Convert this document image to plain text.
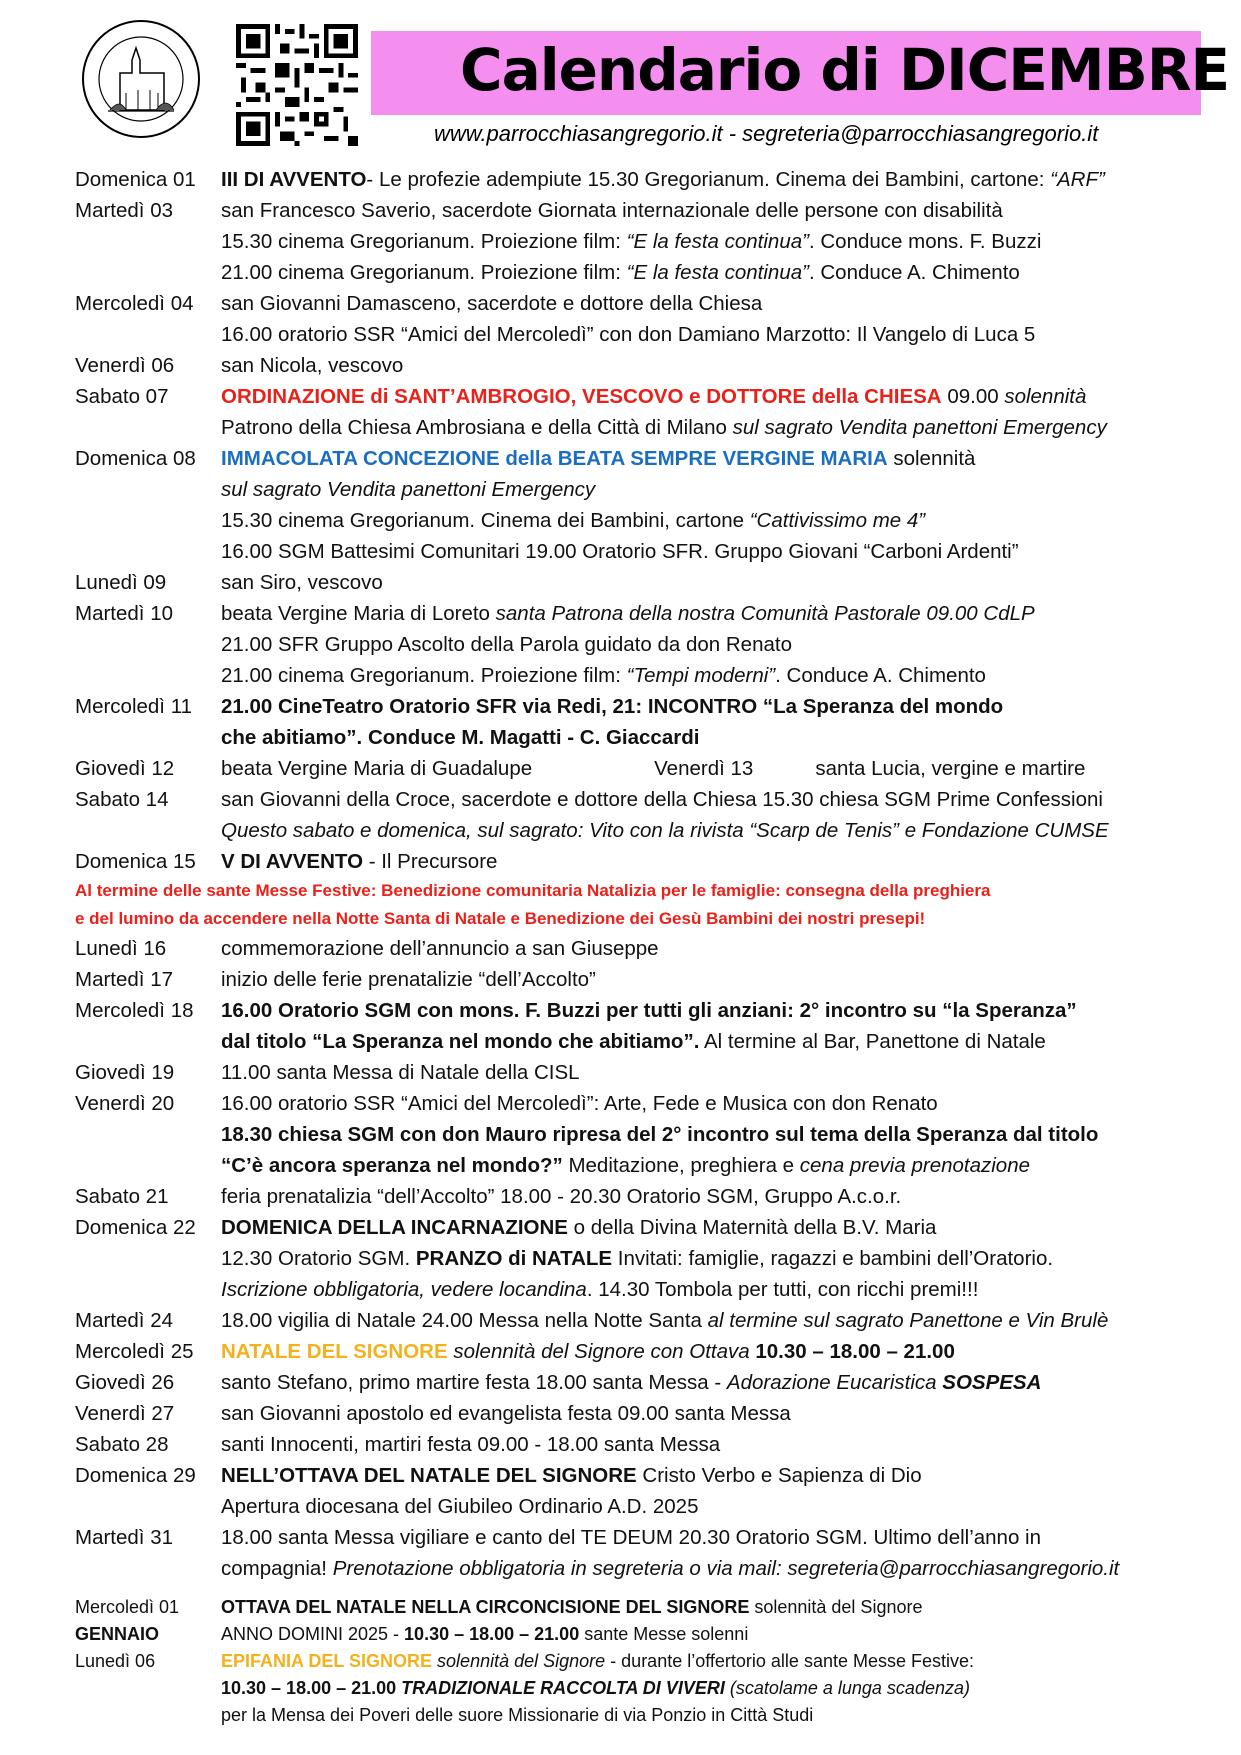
Calendario di DICEMBRE
www.parrocchiasangregorio.it - segreteria@parrocchiasangregorio.it
Domenica 01	III DI AVVENTO- Le profezie adempiute 15.30 Gregorianum. Cinema dei Bambini, cartone: “ARF”
Martedì 03	san Francesco Saverio, sacerdote Giornata internazionale delle persone con disabilità
15.30 cinema Gregorianum. Proiezione film: “E la festa continua”. Conduce mons. F. Buzzi
21.00 cinema Gregorianum. Proiezione film: “E la festa continua”. Conduce A. Chimento
Mercoledì 04	san Giovanni Damasceno, sacerdote e dottore della Chiesa
16.00 oratorio SSR “Amici del Mercoledì” con don Damiano Marzotto: Il Vangelo di Luca 5
Venerdì 06	san Nicola, vescovo
Sabato 07	ORDINAZIONE di SANT’AMBROGIO, VESCOVO e DOTTORE della CHIESA 09.00 solennità
Patrono della Chiesa Ambrosiana e della Città di Milano sul sagrato Vendita panettoni Emergency
Domenica 08	IMMACOLATA CONCEZIONE della BEATA SEMPRE VERGINE MARIA solennità
sul sagrato Vendita panettoni Emergency
15.30 cinema Gregorianum. Cinema dei Bambini, cartone “Cattivissimo me 4”
16.00 SGM Battesimi Comunitari 19.00 Oratorio SFR. Gruppo Giovani “Carboni Ardenti”
Lunedì 09	san Siro, vescovo
Martedì 10	beata Vergine Maria di Loreto santa Patrona della nostra Comunità Pastorale 09.00 CdLP
21.00 SFR Gruppo Ascolto della Parola guidato da don Renato
21.00 cinema Gregorianum. Proiezione film: “Tempi moderni”. Conduce A. Chimento
Mercoledì 11	21.00 CineTeatro Oratorio SFR via Redi, 21: INCONTRO “La Speranza del mondo
che abitiamo”. Conduce M. Magatti - C. Giaccardi
Giovedì 12	beata Vergine Maria di Guadalupe	Venerdì 13	santa Lucia, vergine e martire
Sabato 14	san Giovanni della Croce, sacerdote e dottore della Chiesa 15.30 chiesa SGM Prime Confessioni
Questo sabato e domenica, sul sagrato: Vito con la rivista “Scarp de Tenis” e Fondazione CUMSE
Domenica 15	V DI AVVENTO - Il Precursore
Al termine delle sante Messe Festive: Benedizione comunitaria Natalizia per le famiglie: consegna della preghiera
e del lumino da accendere nella Notte Santa di Natale e Benedizione dei Gesù Bambini dei nostri presepi!
Lunedì 16	commemorazione dell’annuncio a san Giuseppe
Martedì 17	inizio delle ferie prenatalizie “dell’Accolto”
Mercoledì 18	16.00 Oratorio SGM con mons. F. Buzzi per tutti gli anziani: 2° incontro su “la Speranza”
dal titolo “La Speranza nel mondo che abitiamo”. Al termine al Bar, Panettone di Natale
Giovedì 19	11.00 santa Messa di Natale della CISL
Venerdì 20	16.00 oratorio SSR “Amici del Mercoledì”: Arte, Fede e Musica con don Renato
18.30 chiesa SGM con don Mauro ripresa del 2° incontro sul tema della Speranza dal titolo
“C’è ancora speranza nel mondo?” Meditazione, preghiera e cena previa prenotazione
Sabato 21	feria prenatalizia “dell’Accolto” 18.00 - 20.30 Oratorio SGM, Gruppo A.c.o.r.
Domenica 22	DOMENICA DELLA INCARNAZIONE o della Divina Maternità della B.V. Maria
12.30 Oratorio SGM. PRANZO di NATALE Invitati: famiglie, ragazzi e bambini dell’Oratorio.
Iscrizione obbligatoria, vedere locandina. 14.30 Tombola per tutti, con ricchi premi!!!
Martedì 24	18.00 vigilia di Natale 24.00 Messa nella Notte Santa al termine sul sagrato Panettone e Vin Brulè
Mercoledì 25	NATALE DEL SIGNORE solennità del Signore con Ottava 10.30 – 18.00 – 21.00
Giovedì 26	santo Stefano, primo martire festa 18.00 santa Messa - Adorazione Eucaristica SOSPESA
Venerdì 27	san Giovanni apostolo ed evangelista festa 09.00 santa Messa
Sabato 28	santi Innocenti, martiri festa 09.00 - 18.00 santa Messa
Domenica 29	NELL’OTTAVA DEL NATALE DEL SIGNORE Cristo Verbo e Sapienza di Dio
Apertura diocesana del Giubileo Ordinario A.D. 2025
Martedì 31	18.00 santa Messa vigiliare e canto del TE DEUM 20.30 Oratorio SGM. Ultimo dell’anno in
compagnia! Prenotazione obbligatoria in segreteria o via mail: segreteria@parrocchiasangregorio.it
Mercoledì 01	OTTAVA DEL NATALE NELLA CIRCONCISIONE DEL SIGNORE solennità del Signore
GENNAIO	ANNO DOMINI 2025 - 10.30 – 18.00 – 21.00 sante Messe solenni
Lunedì 06	EPIFANIA DEL SIGNORE solennità del Signore - durante l’offertorio alle sante Messe Festive:
10.30 – 18.00 – 21.00 TRADIZIONALE RACCOLTA DI VIVERI (scatolame a lunga scadenza)
per la Mensa dei Poveri delle suore Missionarie di via Ponzio in Città Studi
